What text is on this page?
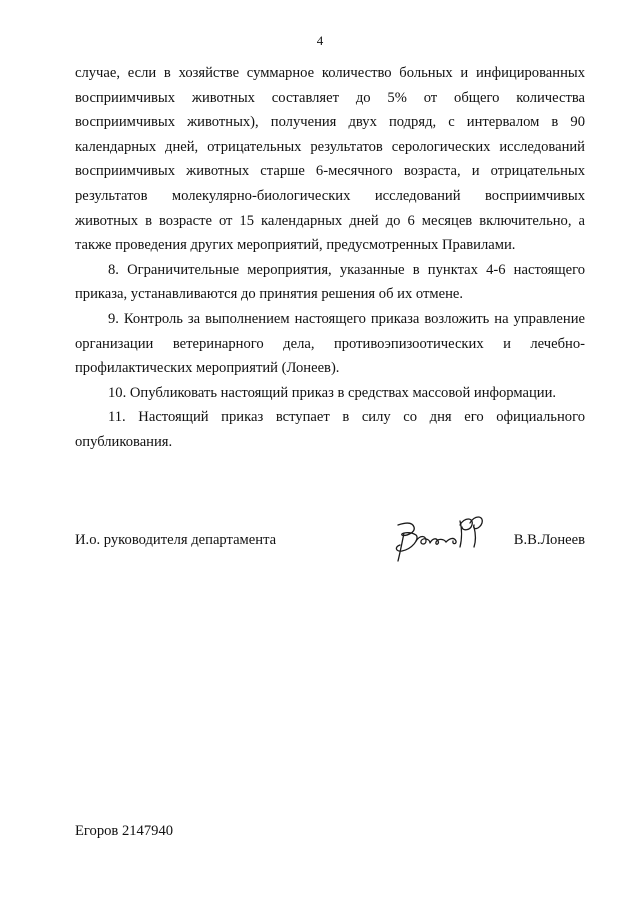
4

случае, если в хозяйстве суммарное количество больных и инфицированных восприимчивых животных составляет до 5% от общего количества восприимчивых животных), получения двух подряд, с интервалом в 90 календарных дней, отрицательных результатов серологических исследований восприимчивых животных старше 6-месячного возраста, и отрицательных результатов молекулярно-биологических исследований восприимчивых животных в возрасте от 15 календарных дней до 6 месяцев включительно, а также проведения других мероприятий, предусмотренных Правилами.

8. Ограничительные мероприятия, указанные в пунктах 4-6 настоящего приказа, устанавливаются до принятия решения об их отмене.

9. Контроль за выполнением настоящего приказа возложить на управление организации ветеринарного дела, противоэпизоотических и лечебно-профилактических мероприятий (Лонеев).

10. Опубликовать настоящий приказ в средствах массовой информации.

11. Настоящий приказ вступает в силу со дня его официального опубликования.

И.о. руководителя департамента	В.В.Лонеев
Егоров 2147940
